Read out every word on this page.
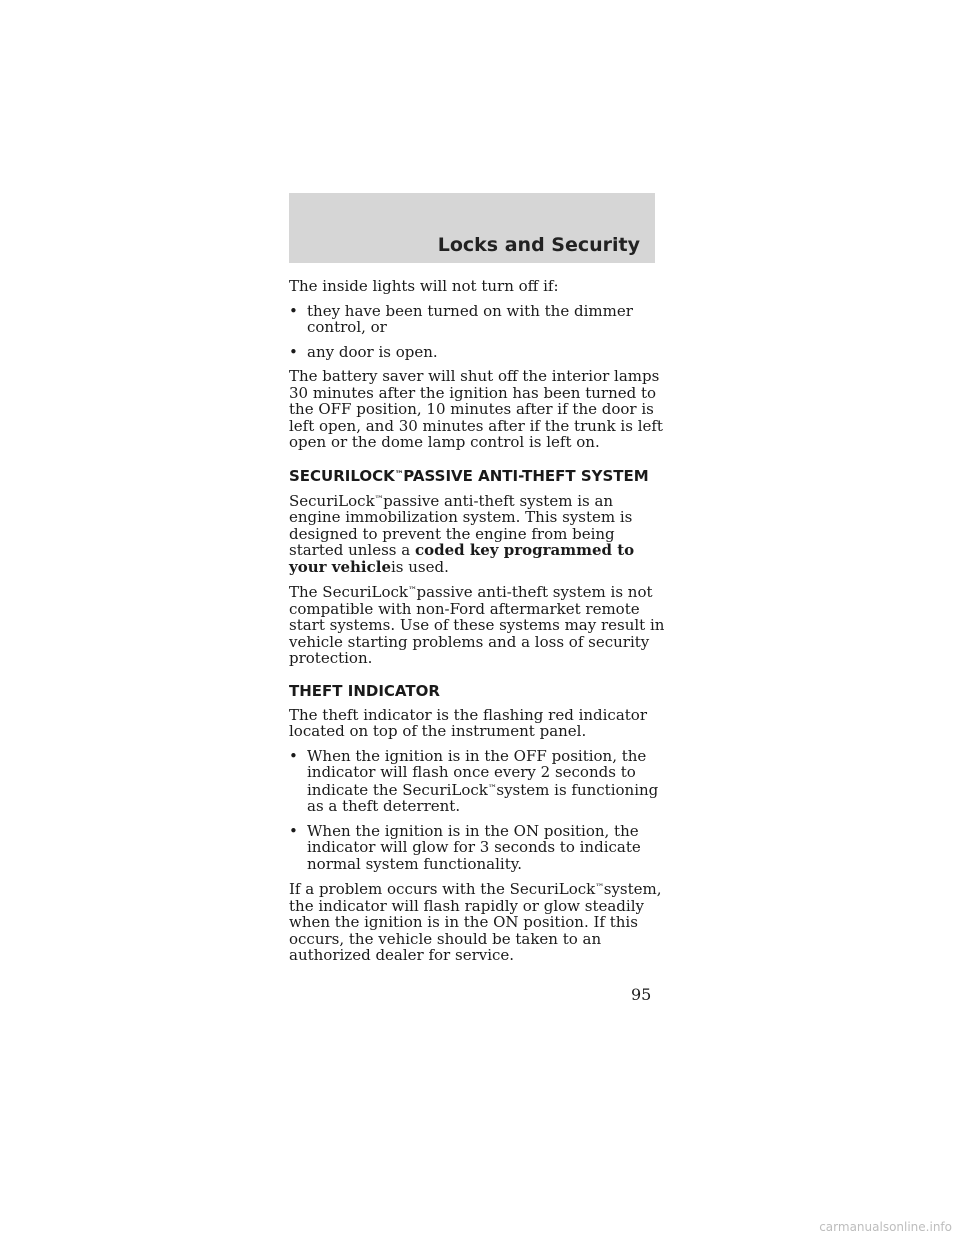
Locks and Security

The inside lights will not turn off if:

• they have been turned on with the dimmer control, or
• any door is open.

The battery saver will shut off the interior lamps 30 minutes after the ignition has been turned to the OFF position, 10 minutes after if the door is left open, and 30 minutes after if the trunk is left open or the dome lamp control is left on.

SECURILOCK™PASSIVE ANTI-THEFT SYSTEM

SecuriLock™passive anti-theft system is an engine immobilization system. This system is designed to prevent the engine from being started unless a coded key programmed to your vehicleis used.

The SecuriLock™passive anti-theft system is not compatible with non-Ford aftermarket remote start systems. Use of these systems may result in vehicle starting problems and a loss of security protection.

THEFT INDICATOR

The theft indicator is the flashing red indicator located on top of the instrument panel.

• When the ignition is in the OFF position, the indicator will flash once every 2 seconds to indicate the SecuriLock™system is functioning as a theft deterrent.
• When the ignition is in the ON position, the indicator will glow for 3 seconds to indicate normal system functionality.

If a problem occurs with the SecuriLock™system, the indicator will flash rapidly or glow steadily when the ignition is in the ON position. If this occurs, the vehicle should be taken to an authorized dealer for service.

95
carmanualsonline.info
